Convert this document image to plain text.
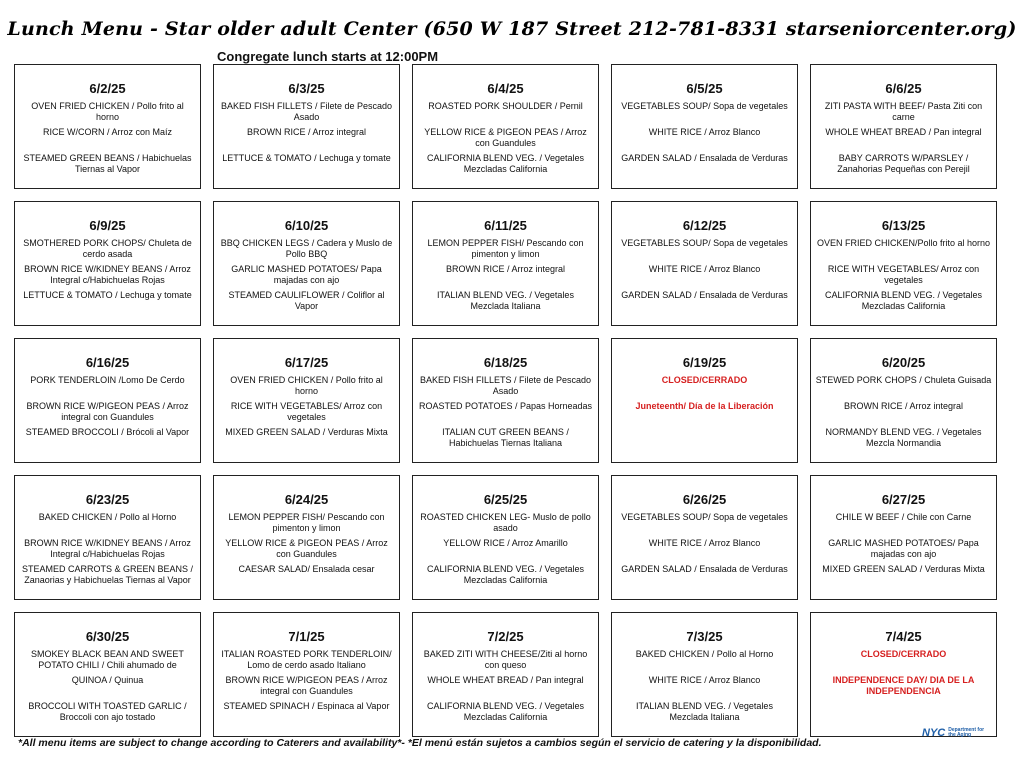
Lunch Menu - Star older adult Center (650 W 187 Street 212-781-8331 starseniorcenter.org)
Congregate lunch starts at 12:00PM
6/2/25
OVEN FRIED CHICKEN / Pollo frito al horno
RICE W/CORN / Arroz con Maíz
STEAMED GREEN BEANS / Habichuelas Tiernas al Vapor
6/3/25
BAKED FISH FILLETS / Filete de Pescado Asado
BROWN RICE / Arroz integral
LETTUCE & TOMATO / Lechuga y tomate
6/4/25
ROASTED PORK SHOULDER / Pernil
YELLOW RICE & PIGEON PEAS / Arroz con Guandules
CALIFORNIA BLEND VEG. / Vegetales Mezcladas California
6/5/25
VEGETABLES SOUP/ Sopa de vegetales
WHITE RICE / Arroz Blanco
GARDEN SALAD / Ensalada de Verduras
6/6/25
ZITI PASTA WITH BEEF/ Pasta Ziti con carne
WHOLE WHEAT BREAD / Pan integral
BABY CARROTS W/PARSLEY / Zanahorias Pequeñas con Perejil
6/9/25
SMOTHERED PORK CHOPS/ Chuleta de cerdo asada
BROWN RICE W/KIDNEY BEANS / Arroz Integral c/Habichuelas Rojas
LETTUCE & TOMATO / Lechuga y tomate
6/10/25
BBQ CHICKEN LEGS / Cadera y Muslo de Pollo BBQ
GARLIC MASHED POTATOES/ Papa majadas con ajo
STEAMED CAULIFLOWER / Coliflor al Vapor
6/11/25
LEMON PEPPER FISH/ Pescando con pimenton y limon
BROWN RICE / Arroz integral
ITALIAN BLEND VEG. / Vegetales Mezclada Italiana
6/12/25
VEGETABLES SOUP/ Sopa de vegetales
WHITE RICE / Arroz Blanco
GARDEN SALAD / Ensalada de Verduras
6/13/25
OVEN FRIED CHICKEN/Pollo frito al horno
RICE WITH VEGETABLES/ Arroz con vegetales
CALIFORNIA BLEND VEG. / Vegetales Mezcladas California
6/16/25
PORK TENDERLOIN /Lomo De Cerdo
BROWN RICE W/PIGEON PEAS / Arroz integral con Guandules
STEAMED BROCCOLI / Brócoli al Vapor
6/17/25
OVEN FRIED CHICKEN / Pollo frito al horno
RICE WITH VEGETABLES/ Arroz con vegetales
MIXED GREEN SALAD / Verduras Mixta
6/18/25
BAKED FISH FILLETS / Filete de Pescado Asado
ROASTED POTATOES / Papas Horneadas
ITALIAN CUT GREEN BEANS / Habichuelas Tiernas Italiana
6/19/25
CLOSED/CERRADO
Juneteenth/ Día de la Liberación
6/20/25
STEWED PORK CHOPS / Chuleta Guisada
BROWN RICE / Arroz integral
NORMANDY BLEND VEG. / Vegetales Mezcla Normandia
6/23/25
BAKED CHICKEN / Pollo al Horno
BROWN RICE W/KIDNEY BEANS / Arroz Integral c/Habichuelas Rojas
STEAMED CARROTS & GREEN BEANS / Zanaorias y Habichuelas Tiernas al Vapor
6/24/25
LEMON PEPPER FISH/ Pescando con pimenton y limon
YELLOW RICE & PIGEON PEAS / Arroz con Guandules
CAESAR SALAD/ Ensalada cesar
6/25/25
ROASTED CHICKEN LEG- Muslo de pollo asado
YELLOW RICE / Arroz Amarillo
CALIFORNIA BLEND VEG. / Vegetales Mezcladas California
6/26/25
VEGETABLES SOUP/ Sopa de vegetales
WHITE RICE / Arroz Blanco
GARDEN SALAD / Ensalada de Verduras
6/27/25
CHILE W BEEF / Chile con Carne
GARLIC MASHED POTATOES/ Papa majadas con ajo
MIXED GREEN SALAD / Verduras Mixta
6/30/25
SMOKEY BLACK BEAN AND SWEET POTATO CHILI / Chili ahumado de
QUINOA / Quinua
BROCCOLI WITH TOASTED GARLIC / Broccoli con ajo tostado
7/1/25
ITALIAN ROASTED PORK TENDERLOIN/ Lomo de cerdo asado Italiano
BROWN RICE W/PIGEON PEAS / Arroz integral con Guandules
STEAMED SPINACH / Espinaca al Vapor
7/2/25
BAKED ZITI WITH CHEESE/Ziti al horno con queso
WHOLE WHEAT BREAD / Pan integral
CALIFORNIA BLEND VEG. / Vegetales Mezcladas California
7/3/25
BAKED CHICKEN / Pollo al Horno
WHITE RICE / Arroz Blanco
ITALIAN BLEND VEG. / Vegetales Mezclada Italiana
7/4/25
CLOSED/CERRADO
INDEPENDENCE DAY/ DIA DE LA INDEPENDENCIA
*All menu items are subject to change according to Caterers and availability*- *El menú están sujetos a cambios según el servicio de catering y la disponibilidad.
NYC Department for the Aging
